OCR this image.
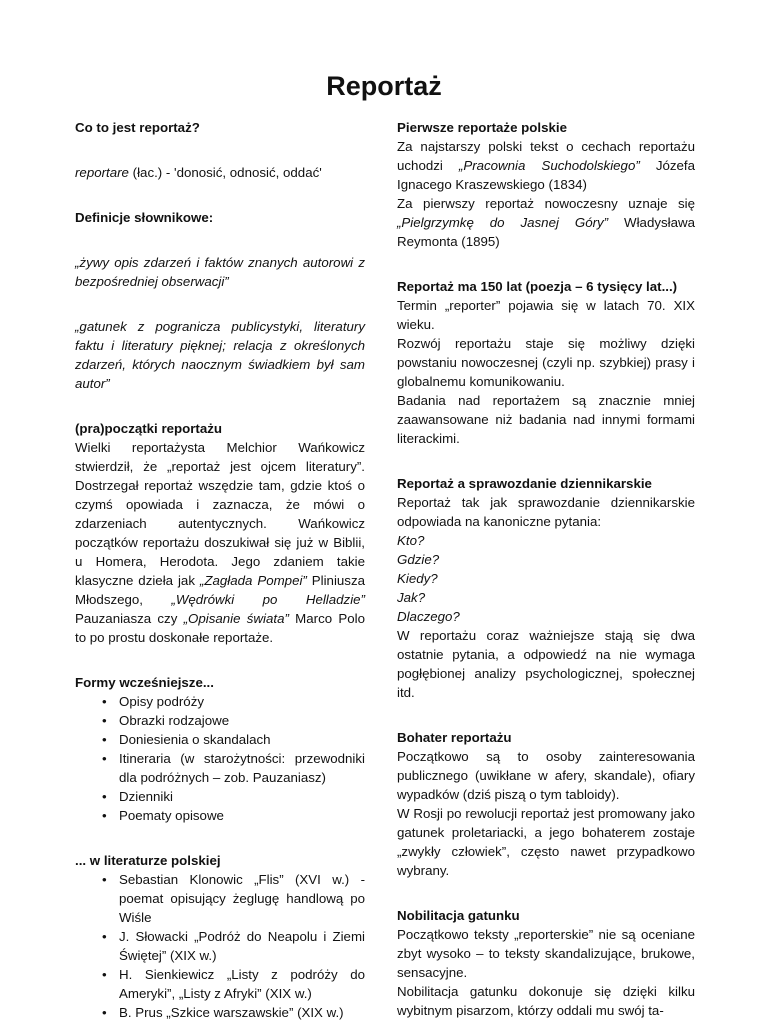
Reportaż

Co to jest reportaż?

reportare (łac.) - 'donosić, odnosić, oddać'

Definicje słownikowe:

„żywy opis zdarzeń i faktów znanych autorowi z bezpośredniej obserwacji”

„gatunek z pogranicza publicystyki, literatury faktu i literatury pięknej; relacja z określonych zdarzeń, których naocznym świadkiem był sam autor”

(pra)początki reportażu

Wielki reportażysta Melchior Wańkowicz stwierdził, że „reportaż jest ojcem literatury”. Dostrzegał reportaż wszędzie tam, gdzie ktoś o czymś opowiada i zaznacza, że mówi o zdarzeniach autentycznych. Wańkowicz początków reportażu doszukiwał się już w Biblii, u Homera, Herodota. Jego zdaniem takie klasyczne dzieła jak „Zagłada Pompei” Pliniusza Młodszego, „Wędrówki po Helladzie” Pauzaniasza czy „Opisanie świata” Marco Polo to po prostu doskonałe reportaże.

Formy wcześniejsze...

• Opisy podróży
• Obrazki rodzajowe
• Doniesienia o skandalach
• Itineraria (w starożytności: przewodniki dla podróżnych – zob. Pauzaniasz)
• Dzienniki
• Poematy opisowe

... w literaturze polskiej

• Sebastian Klonowic „Flis” (XVI w.) - poemat opisujący żeglugę handlową po Wiśle
• J. Słowacki „Podróż do Neapolu i Ziemi Świętej” (XIX w.)
• H. Sienkiewicz „Listy z podróży do Ameryki”, „Listy z Afryki” (XIX w.)
• B. Prus „Szkice warszawskie” (XIX w.)

Pierwsze reportaże polskie

Za najstarszy polski tekst o cechach reportażu uchodzi „Pracownia Suchodolskiego” Józefa Ignacego Kraszewskiego (1834)

Za pierwszy reportaż nowoczesny uznaje się „Pielgrzymkę do Jasnej Góry” Władysława Reymonta (1895)

Reportaż ma 150 lat (poezja – 6 tysięcy lat...)

Termin „reporter” pojawia się w latach 70. XIX wieku.

Rozwój reportażu staje się możliwy dzięki powstaniu nowoczesnej (czyli np. szybkiej) prasy i globalnemu komunikowaniu.

Badania nad reportażem są znacznie mniej zaawansowane niż badania nad innymi formami literackimi.

Reportaż a sprawozdanie dziennikarskie

Reportaż tak jak sprawozdanie dziennikarskie odpowiada na kanoniczne pytania:

Kto?

Gdzie?

Kiedy?

Jak?

Dlaczego?

W reportażu coraz ważniejsze stają się dwa ostatnie pytania, a odpowiedź na nie wymaga pogłębionej analizy psychologicznej, społecznej itd.

Bohater reportażu

Początkowo są to osoby zainteresowania publicznego (uwikłane w afery, skandale), ofiary wypadków (dziś piszą o tym tabloidy).

W Rosji po rewolucji reportaż jest promowany jako gatunek proletariacki, a jego bohaterem zostaje „zwykły człowiek”, często nawet przypadkowo wybrany.

Nobilitacja gatunku

Początkowo teksty „reporterskie” nie są oceniane zbyt wysoko – to teksty skandalizujące, brukowe, sensacyjne.

Nobilitacja gatunku dokonuje się dzięki kilku wybitnym pisarzom, którzy oddali mu swój ta-
